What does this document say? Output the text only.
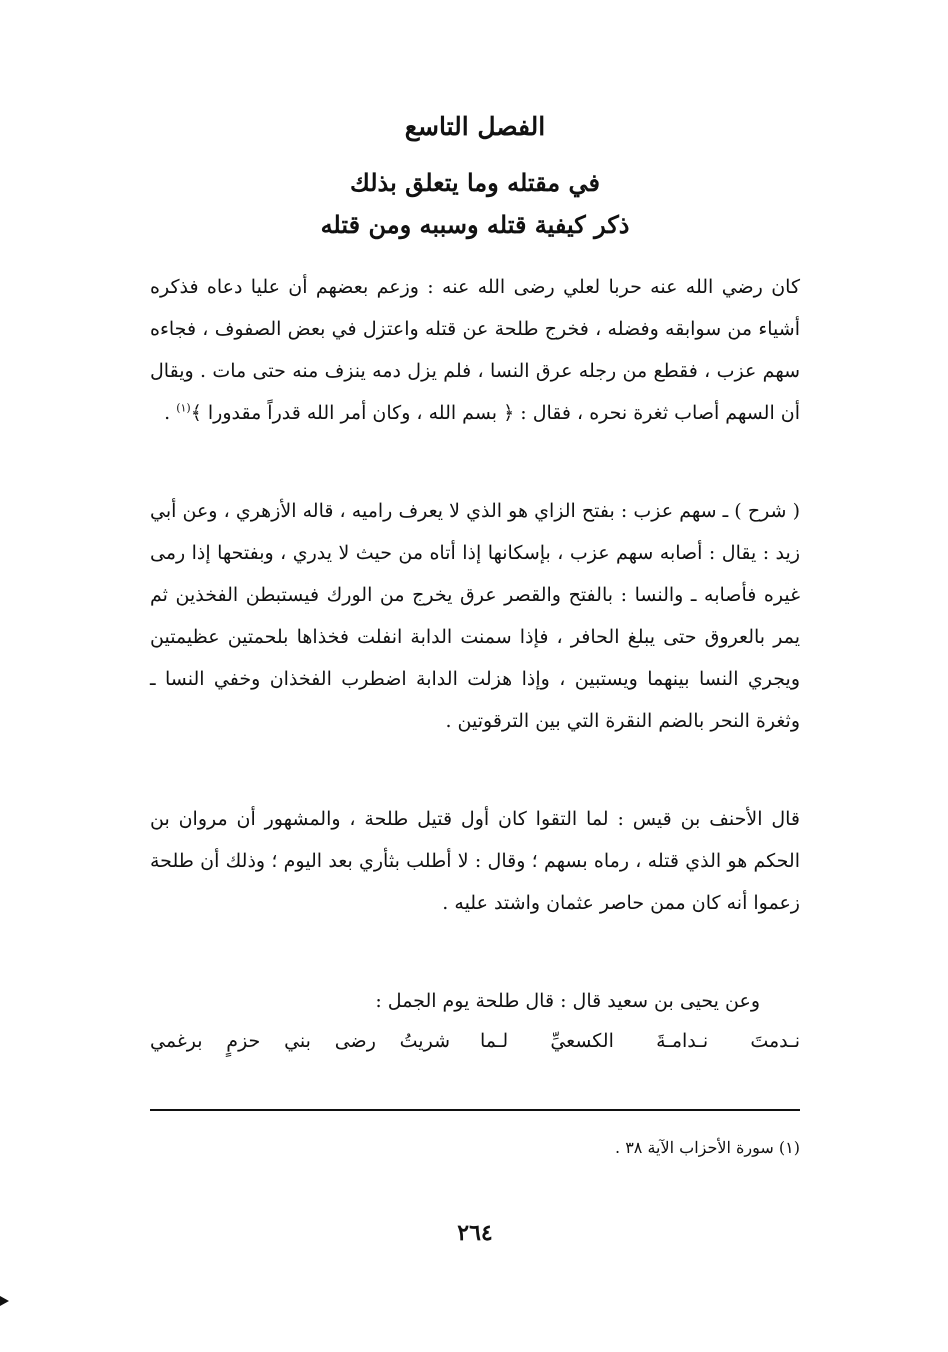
الفصل التاسع
في مقتله وما يتعلق بذلك
ذكر كيفية قتله وسببه ومن قتله

كان رضي الله عنه حربا لعلي رضى الله عنه : وزعم بعضهم أن عليا دعاه فذكره أشياء من سوابقه وفضله ، فخرج طلحة عن قتله واعتزل في بعض الصفوف ، فجاءه سهم عزب ، فقطع من رجله عرق النسا ، فلم يزل دمه ينزف منه حتى مات . ويقال أن السهم أصاب ثغرة نحره ، فقال : ﴿ بسم الله ، وكان أمر الله قدراً مقدورا ﴾$^{(١)}$ .

( شرح ) ـ سهم عزب : بفتح الزاي هو الذي لا يعرف راميه ، قاله الأزهري ، وعن أبي زيد : يقال : أصابه سهم عزب ، بإسكانها إذا أتاه من حيث لا يدري ، وبفتحها إذا رمى غيره فأصابه ـ والنسا : بالفتح والقصر عرق يخرج من الورك فيستبطن الفخذين ثم يمر بالعروق حتى يبلغ الحافر ، فإذا سمنت الدابة انفلت فخذاها بلحمتين عظيمتين ويجري النسا بينهما ويستبين ، وإذا هزلت الدابة اضطرب الفخذان وخفي النسا ـ وثغرة النحر بالضم النقرة التي بين الترقوتين .

قال الأحنف بن قيس : لما التقوا كان أول قتيل طلحة ، والمشهور أن مروان بن الحكم هو الذي قتله ، رماه بسهم ؛ وقال : لا أطلب بثأري بعد اليوم ؛ وذلك أن طلحة زعموا أنه كان ممن حاصر عثمان واشتد عليه .

وعن يحيى بن سعيد قال : قال طلحة يوم الجمل :

نـدمتَ نـدامـةَ الكسعيِّ لـما
شريتُ رضى بني حزمٍ برغمي
(١) سورة الأحزاب الآية ٣٨ .
٢٦٤
